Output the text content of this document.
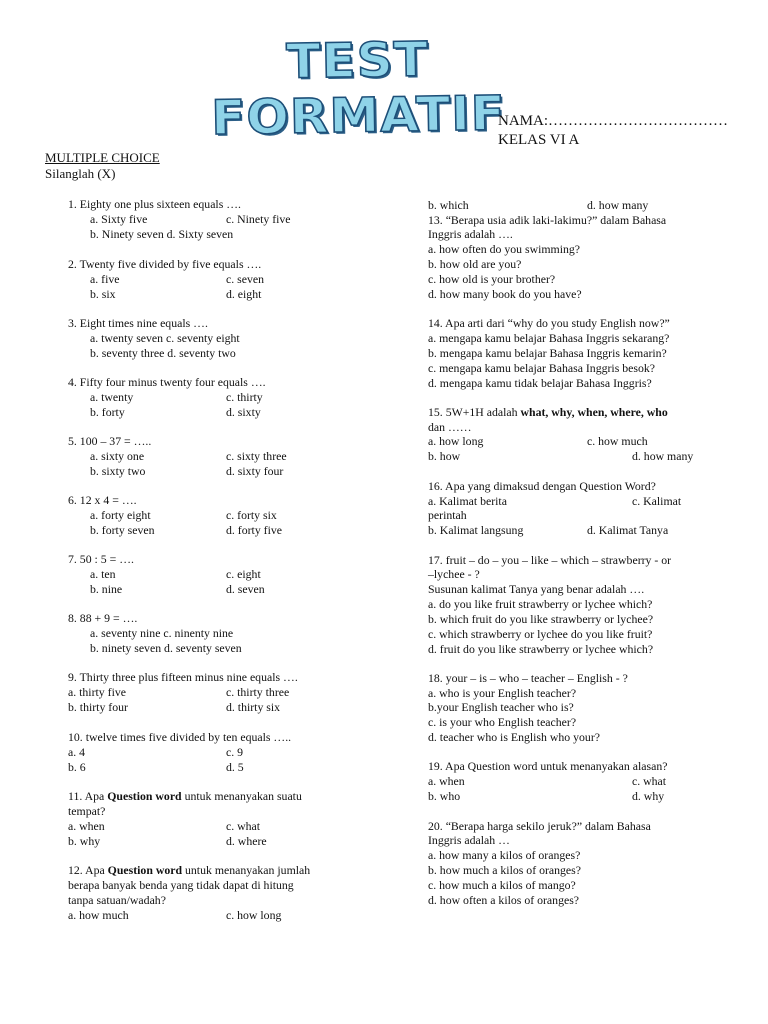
TEST FORMATIF
NAMA:………………………………
KELAS VI A
MULTIPLE CHOICE
Silanglah (X)
1. Eighty one plus sixteen equals ….
a. Sixty five	c. Ninety five
b. Ninety seven d. Sixty seven
2. Twenty five divided by five equals ….
a. five	c. seven
b. six	d. eight
3. Eight times nine equals ….
a. twenty seven c. seventy eight
b. seventy three d. seventy two
4. Fifty four minus twenty four equals ….
a. twenty	c. thirty
b. forty	d. sixty
5. 100 – 37 = …..
a. sixty one	c. sixty three
b. sixty two	d. sixty four
6. 12 x 4 = ….
a. forty eight	c. forty six
b. forty seven	d. forty five
7. 50 : 5 = ….
a. ten	c. eight
b. nine	d. seven
8. 88 + 9 = ….
a. seventy nine c. ninenty nine
b. ninety seven d. seventy seven
9. Thirty three plus fifteen minus nine equals ….
a. thirty five	c. thirty three
b. thirty four	d. thirty six
10. twelve times five divided by ten equals …..
a. 4	c. 9
b. 6	d. 5
11. Apa Question word untuk menanyakan suatu
tempat?
a. when	c. what
b. why	d. where
12. Apa Question word untuk menanyakan jumlah
berapa banyak benda yang tidak dapat di hitung
tanpa satuan/wadah?
a. how much	c. how long
b. which	d. how many
13. “Berapa usia adik laki-lakimu?” dalam Bahasa
Inggris adalah ….
a. how often do you swimming?
b. how old are you?
c. how old is your brother?
d. how many book do you have?
14. Apa arti dari “why do you study English now?”
a. mengapa kamu belajar Bahasa Inggris sekarang?
b. mengapa kamu belajar Bahasa Inggris kemarin?
c. mengapa kamu belajar Bahasa Inggris besok?
d. mengapa kamu tidak belajar Bahasa Inggris?
15. 5W+1H adalah what, why, when, where, who
dan ……
a. how long	c. how much
b. how	d. how many
16. Apa yang dimaksud dengan Question Word?
a. Kalimat berita	c. Kalimat
perintah
b. Kalimat langsung	d. Kalimat Tanya
17. fruit – do – you – like – which – strawberry - or
–lychee - ?
Susunan kalimat Tanya yang benar adalah ….
a. do you like fruit strawberry or lychee which?
b. which fruit do you like strawberry or lychee?
c. which strawberry or lychee do you like fruit?
d. fruit do you like strawberry or lychee which?
18. your – is – who – teacher – English - ?
a. who is your English teacher?
b.your English teacher who is?
c. is your who English teacher?
d. teacher who is English who your?
19. Apa Question word untuk menanyakan alasan?
a. when	c. what
b. who	d. why
20. “Berapa harga sekilo jeruk?” dalam Bahasa
Inggris adalah …
a. how many a kilos of oranges?
b. how much a kilos of oranges?
c. how much a kilos of mango?
d. how often a kilos of oranges?
